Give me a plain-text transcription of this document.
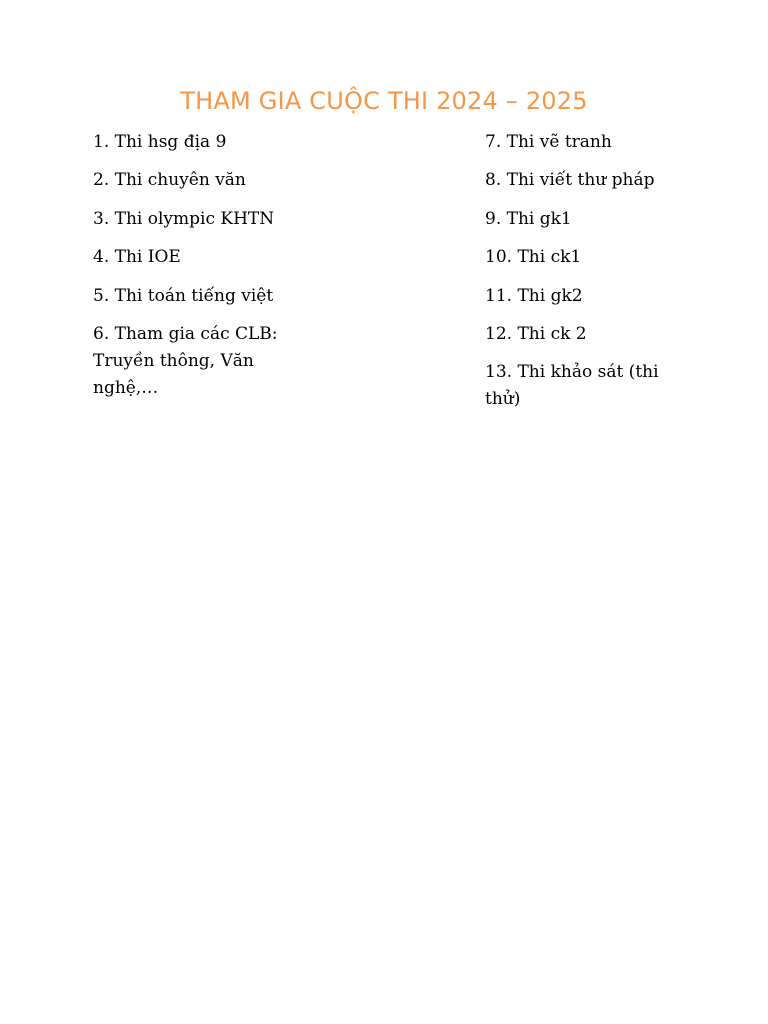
THAM GIA CUỘC THI 2024 – 2025
1. Thi hsg địa 9
2. Thi chuyên văn
3. Thi olympic KHTN
4. Thi IOE
5. Thi toán tiếng việt
6. Tham gia các CLB: Truyền thông, Văn nghệ,…
7. Thi vẽ tranh
8. Thi viết thư pháp
9. Thi gk1
10. Thi ck1
11. Thi gk2
12. Thi ck 2
13. Thi khảo sát (thi thử)
